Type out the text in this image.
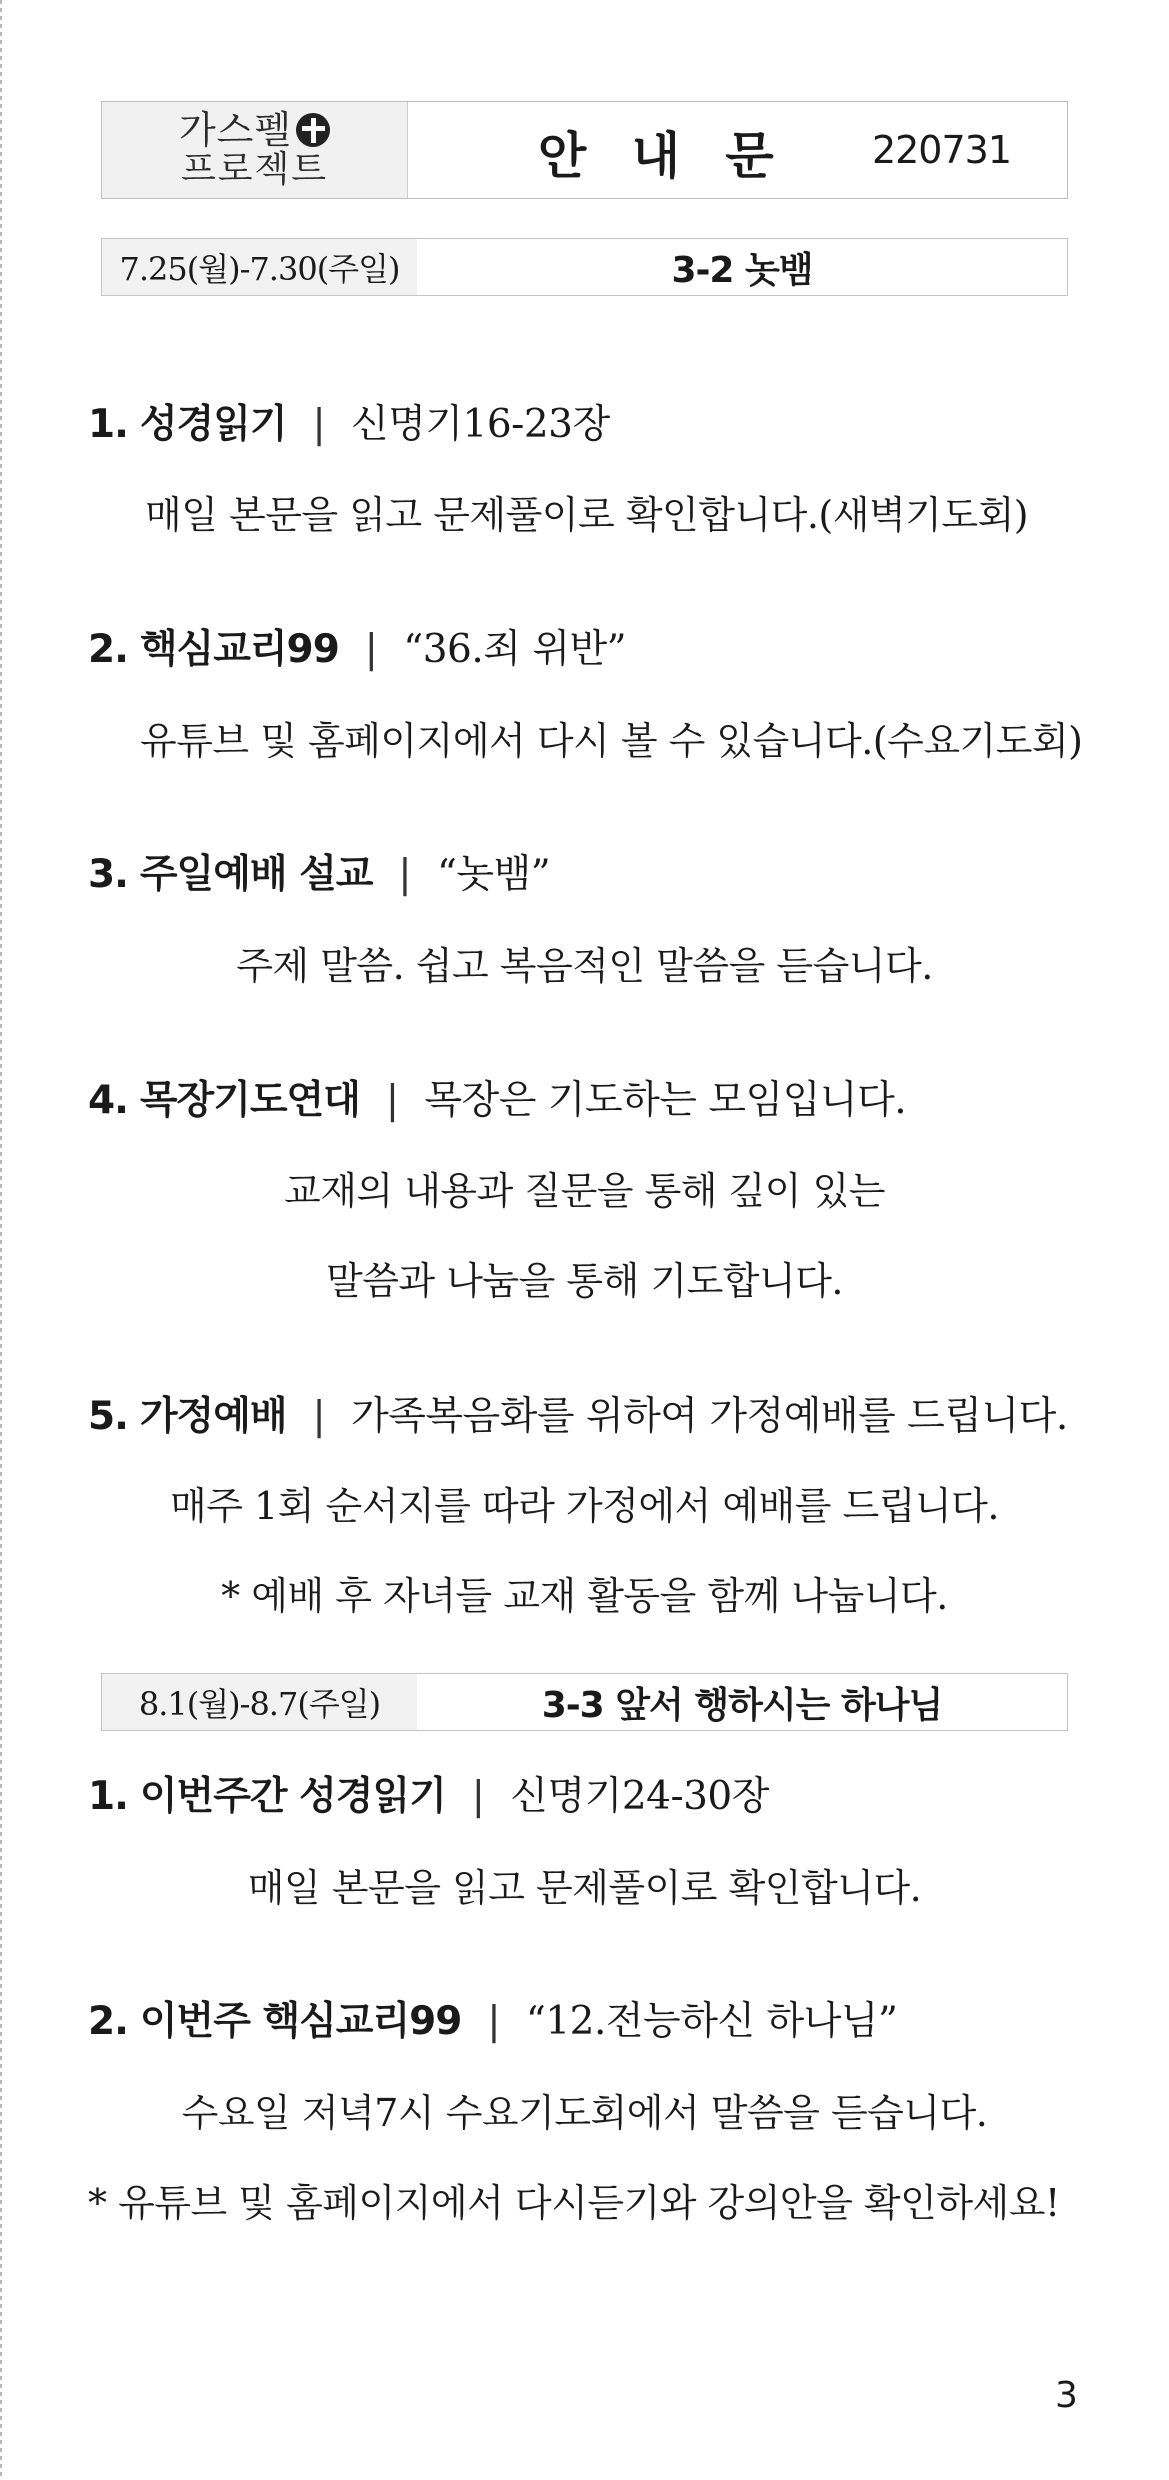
가스펠
프로젝트	안 내 문 220731
7.25(월)-7.30(주일)	3-2 놋뱀
1. 성경읽기 | 신명기16-23장
매일 본문을 읽고 문제풀이로 확인합니다.(새벽기도회)
2. 핵심교리99 | “36.죄 위반”
유튜브 및 홈페이지에서 다시 볼 수 있습니다.(수요기도회)
3. 주일예배 설교 | “놋뱀”
주제 말씀. 쉽고 복음적인 말씀을 듣습니다.
4. 목장기도연대 | 목장은 기도하는 모임입니다.
교재의 내용과 질문을 통해 깊이 있는
말씀과 나눔을 통해 기도합니다.
5. 가정예배 | 가족복음화를 위하여 가정예배를 드립니다.
매주 1회 순서지를 따라 가정에서 예배를 드립니다.
* 예배 후 자녀들 교재 활동을 함께 나눕니다.
8.1(월)-8.7(주일)	3-3 앞서 행하시는 하나님
1. 이번주간 성경읽기 | 신명기24-30장
매일 본문을 읽고 문제풀이로 확인합니다.
2. 이번주 핵심교리99 | “12.전능하신 하나님”
수요일 저녁7시 수요기도회에서 말씀을 듣습니다.
* 유튜브 및 홈페이지에서 다시듣기와 강의안을 확인하세요!
3
